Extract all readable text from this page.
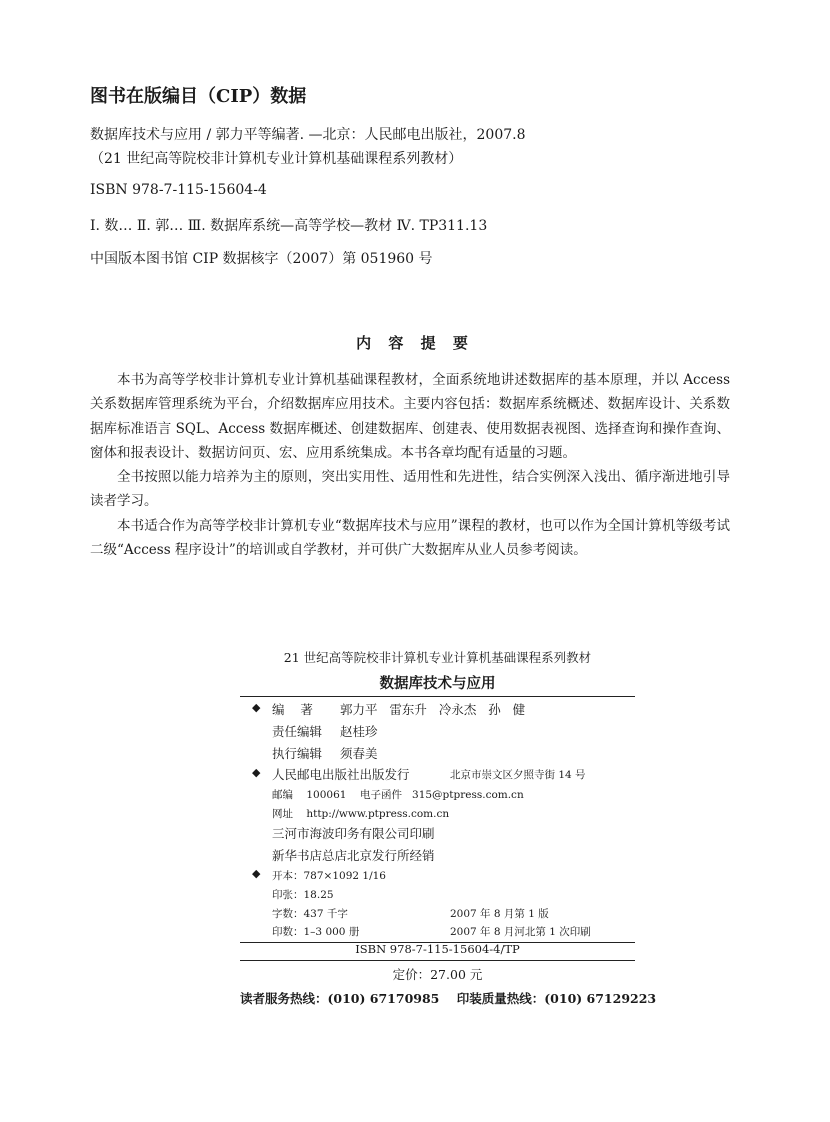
图书在版编目（CIP）数据
数据库技术与应用 / 郭力平等编著. —北京：人民邮电出版社，2007.8
（21 世纪高等院校非计算机专业计算机基础课程系列教材）
ISBN 978-7-115-15604-4
Ⅰ. 数… Ⅱ. 郭… Ⅲ. 数据库系统—高等学校—教材 Ⅳ. TP311.13
中国版本图书馆 CIP 数据核字（2007）第 051960 号
内 容 提 要

本书为高等学校非计算机专业计算机基础课程教材，全面系统地讲述数据库的基本原理，并以 Access 关系数据库管理系统为平台，介绍数据库应用技术。主要内容包括：数据库系统概述、数据库设计、关系数据库标准语言 SQL、Access 数据库概述、创建数据库、创建表、使用数据表视图、选择查询和操作查询、窗体和报表设计、数据访问页、宏、应用系统集成。本书各章均配有适量的习题。

全书按照以能力培养为主的原则，突出实用性、适用性和先进性，结合实例深入浅出、循序渐进地引导读者学习。

本书适合作为高等学校非计算机专业“数据库技术与应用”课程的教材，也可以作为全国计算机等级考试二级“Access 程序设计”的培训或自学教材，并可供广大数据库从业人员参考阅读。

21 世纪高等院校非计算机专业计算机基础课程系列教材
数据库技术与应用
◆ 编    著 郭力平   雷东升   冷永杰   孙   健
责任编辑 赵桂珍
执行编辑 须春美
◆ 人民邮电出版社出版发行	北京市崇文区夕照寺街 14 号
邮编    100061 电子函件   315@ptpress.com.cn
网址    http://www.ptpress.com.cn
三河市海波印务有限公司印刷
新华书店总店北京发行所经销
◆ 开本：787×1092 1/16
印张：18.25
字数：437 千字	2007 年 8 月第 1 版
印数：1–3 000 册	2007 年 8 月河北第 1 次印刷
ISBN 978-7-115-15604-4/TP
定价：27.00 元
读者服务热线：(010) 67170985    印装质量热线：(010) 67129223
